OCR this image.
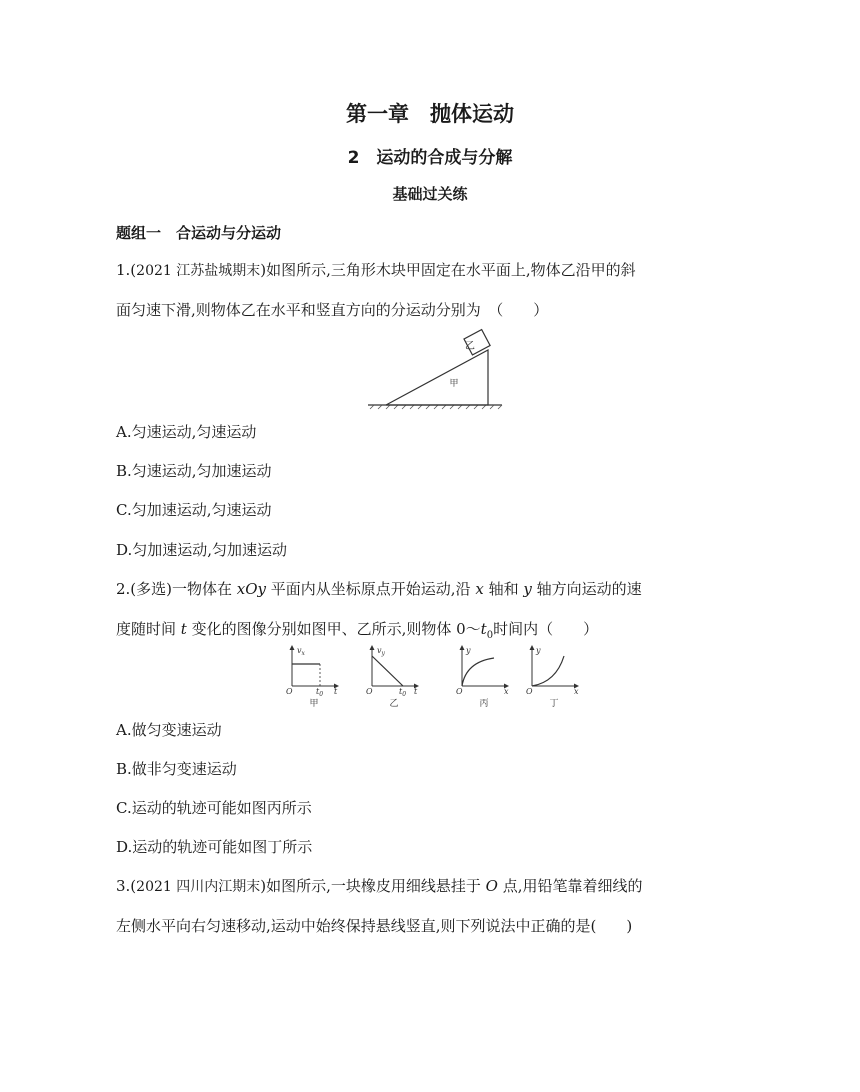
第一章　抛体运动
2　运动的合成与分解
基础过关练
题组一　合运动与分运动
1.(2021 江苏盐城期末)如图所示,三角形木块甲固定在水平面上,物体乙沿甲的斜
面匀速下滑,则物体乙在水平和竖直方向的分运动分别为　（　　）
乙
甲
A.匀速运动,匀速运动
B.匀速运动,匀加速运动
C.匀加速运动,匀速运动
D.匀加速运动,匀加速运动
2.(多选)一物体在 xOy 平面内从坐标原点开始运动,沿 x 轴和 y 轴方向运动的速
度随时间 t 变化的图像分别如图甲、乙所示,则物体 $0\sim t_0$时间内（　　）
$v_x$
O	$t_0$ t
甲
$v_y$
O	$t_0$ t
乙
y
O	x
丙
y
O	x
丁
A.做匀变速运动
B.做非匀变速运动
C.运动的轨迹可能如图丙所示
D.运动的轨迹可能如图丁所示
3.(2021 四川内江期末)如图所示,一块橡皮用细线悬挂于 O 点,用铅笔靠着细线的
左侧水平向右匀速移动,运动中始终保持悬线竖直,则下列说法中正确的是(　　)
